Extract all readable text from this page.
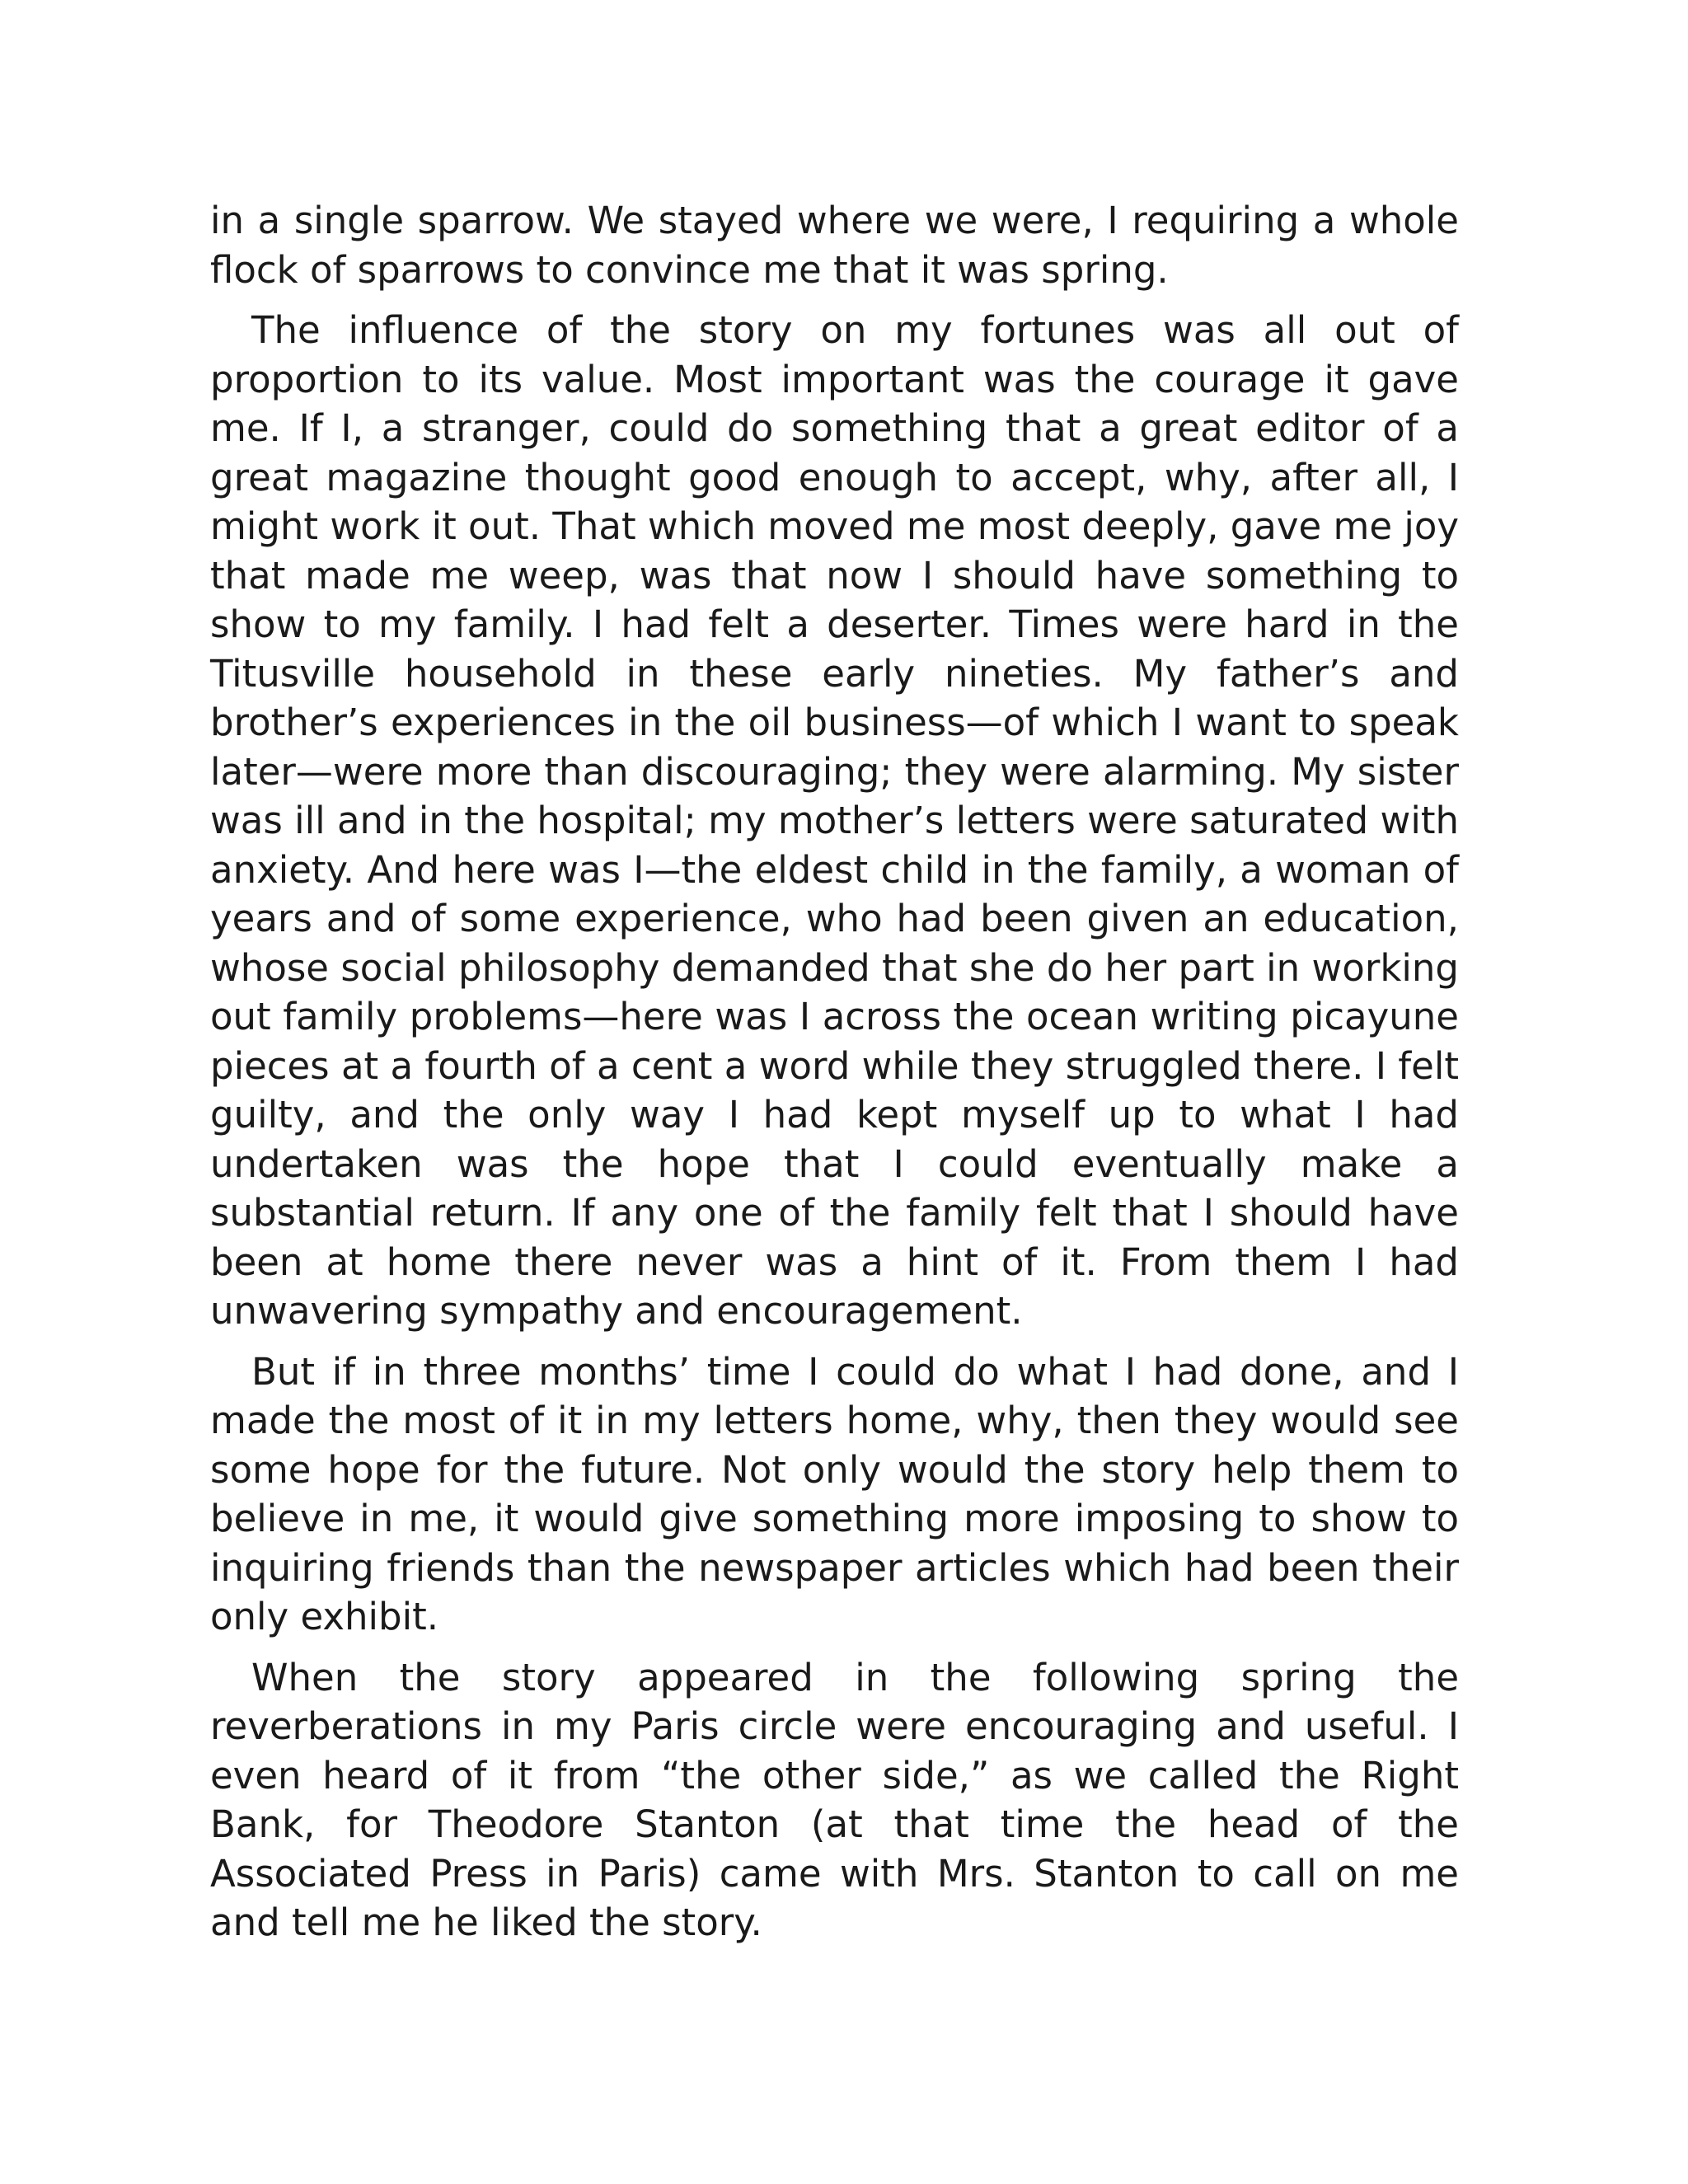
in a single sparrow. We stayed where we were, I requiring a whole flock of sparrows to convince me that it was spring.

The influence of the story on my fortunes was all out of proportion to its value. Most important was the courage it gave me. If I, a stranger, could do something that a great editor of a great magazine thought good enough to accept, why, after all, I might work it out. That which moved me most deeply, gave me joy that made me weep, was that now I should have something to show to my family. I had felt a deserter. Times were hard in the Titusville household in these early nineties. My father’s and brother’s experiences in the oil business—of which I want to speak later—were more than discouraging; they were alarming. My sister was ill and in the hospital; my mother’s letters were saturated with anxiety. And here was I—the eldest child in the family, a woman of years and of some experience, who had been given an education, whose social philosophy demanded that she do her part in working out family problems—here was I across the ocean writing picayune pieces at a fourth of a cent a word while they struggled there. I felt guilty, and the only way I had kept myself up to what I had undertaken was the hope that I could eventually make a substantial return. If any one of the family felt that I should have been at home there never was a hint of it. From them I had unwavering sympathy and encouragement.

But if in three months’ time I could do what I had done, and I made the most of it in my letters home, why, then they would see some hope for the future. Not only would the story help them to believe in me, it would give something more imposing to show to inquiring friends than the newspaper articles which had been their only exhibit.

When the story appeared in the following spring the reverberations in my Paris circle were encouraging and useful. I even heard of it from “the other side,” as we called the Right Bank, for Theodore Stanton (at that time the head of the Associated Press in Paris) came with Mrs. Stanton to call on me and tell me he liked the story.
